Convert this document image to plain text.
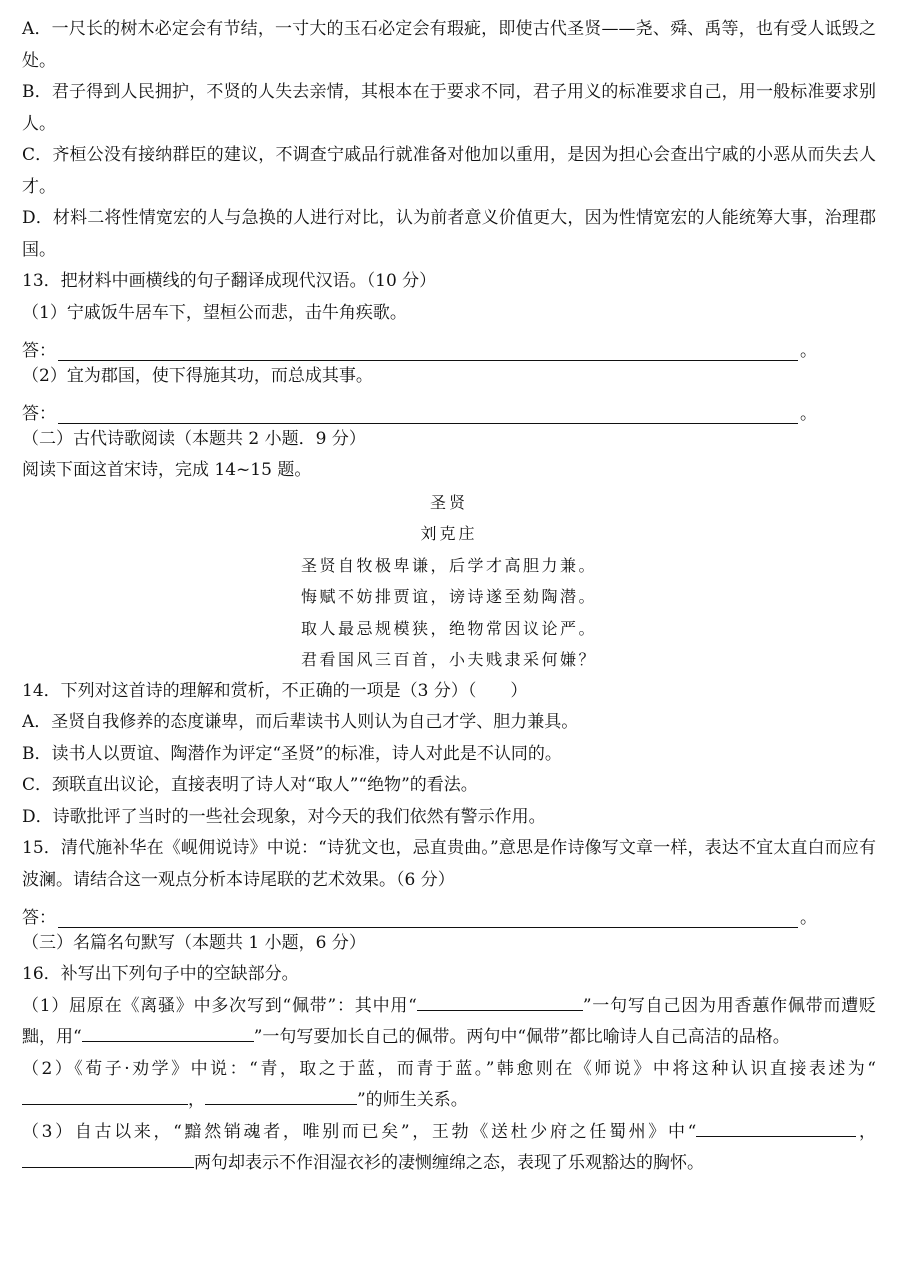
A．一尺长的树木必定会有节结，一寸大的玉石必定会有瑕疵，即使古代圣贤——尧、舜、禹等，也有受人诋毁之处。

B．君子得到人民拥护，不贤的人失去亲情，其根本在于要求不同，君子用义的标准要求自己，用一般标准要求别人。

C．齐桓公没有接纳群臣的建议，不调查宁戚品行就准备对他加以重用，是因为担心会查出宁戚的小恶从而失去人才。

D．材料二将性情宽宏的人与急换的人进行对比，认为前者意义价值更大，因为性情宽宏的人能统筹大事，治理郡国。

13．把材料中画横线的句子翻译成现代汉语。（10 分）

（1）宁戚饭牛居车下，望桓公而悲，击牛角疾歌。

答：	。

（2）宜为郡国，使下得施其功，而总成其事。

答：	。

（二）古代诗歌阅读（本题共 2 小题．9 分）

阅读下面这首宋诗，完成 14~15 题。

圣贤

刘克庄

圣贤自牧极卑谦，后学才高胆力兼。

悔赋不妨排贾谊，谤诗遂至劾陶潜。

取人最忌规模狭，绝物常因议论严。

君看国风三百首，小夫贱隶采何嫌？

14．下列对这首诗的理解和赏析，不正确的一项是（3 分）（　　）

A．圣贤自我修养的态度谦卑，而后辈读书人则认为自己才学、胆力兼具。

B．读书人以贾谊、陶潜作为评定“圣贤”的标准，诗人对此是不认同的。

C．颈联直出议论，直接表明了诗人对“取人”“绝物”的看法。

D．诗歌批评了当时的一些社会现象，对今天的我们依然有警示作用。

15．清代施补华在《岘佣说诗》中说：“诗犹文也，忌直贵曲。”意思是作诗像写文章一样，表达不宜太直白而应有波澜。请结合这一观点分析本诗尾联的艺术效果。（6 分）

答：	。

（三）名篇名句默写（本题共 1 小题，6 分）

16．补写出下列句子中的空缺部分。

（1）屈原在《离骚》中多次写到“佩带”：其中用“	”一句写自己因为用香蕙作佩带而遭贬黜，用“	”一句写要加长自己的佩带。两句中“佩带”都比喻诗人自己高洁的品格。

（2）《荀子·劝学》中说：“青，取之于蓝，而青于蓝。”韩愈则在《师说》中将这种认识直接表述为“，	”的师生关系。

（3）自古以来，“黯然销魂者，唯别而已矣”，王勃《送杜少府之任蜀州》中“	，两句却表示不作泪湿衣衫的凄恻缠绵之态，表现了乐观豁达的胸怀。
